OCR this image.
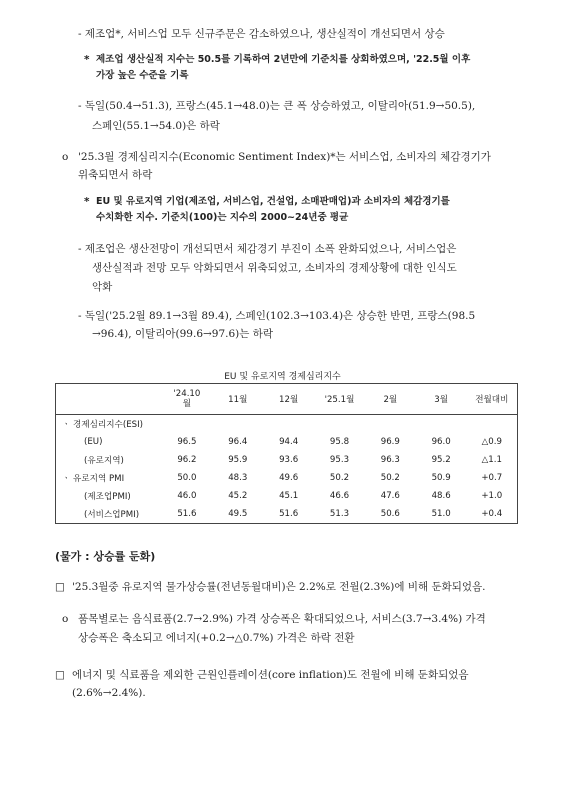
- 제조업*, 서비스업 모두 신규주문은 감소하였으나, 생산실적이 개선되면서 상승
* 제조업 생산실적 지수는 50.5를 기록하여 2년만에 기준치를 상회하였으며, '22.5월 이후
가장 높은 수준을 기록
- 독일(50.4→51.3), 프랑스(45.1→48.0)는 큰 폭 상승하였고, 이탈리아(51.9→50.5),
스페인(55.1→54.0)은 하락
o '25.3월 경제심리지수(Economic Sentiment Index)*는 서비스업, 소비자의 체감경기가
위축되면서 하락
* EU 및 유로지역 기업(제조업, 서비스업, 건설업, 소매판매업)과 소비자의 체감경기를
수치화한 지수. 기준치(100)는 지수의 2000~24년중 평균
- 제조업은 생산전망이 개선되면서 체감경기 부진이 소폭 완화되었으나, 서비스업은
생산실적과 전망 모두 악화되면서 위축되었고, 소비자의 경제상황에 대한 인식도
악화
- 독일('25.2월 89.1→3월 89.4), 스페인(102.3→103.4)은 상승한 반면, 프랑스(98.5
→96.4), 이탈리아(99.6→97.6)는 하락
EU 및 유로지역 경제심리지수
	'24.10월	11월	12월	'25.1월	2월	3월	전월대비
ㆍ 경제심리지수(ESI)							
(EU)	96.5	96.4	94.4	95.8	96.9	96.0	△0.9
(유로지역)	96.2	95.9	93.6	95.3	96.3	95.2	△1.1
ㆍ 유로지역 PMI	50.0	48.3	49.6	50.2	50.2	50.9	+0.7
(제조업PMI)	46.0	45.2	45.1	46.6	47.6	48.6	+1.0
(서비스업PMI)	51.6	49.5	51.6	51.3	50.6	51.0	+0.4
(물가 : 상승률 둔화)
□ '25.3월중 유로지역 물가상승률(전년동월대비)은 2.2%로 전월(2.3%)에 비해 둔화되었음.
o 품목별로는 음식료품(2.7→2.9%) 가격 상승폭은 확대되었으나, 서비스(3.7→3.4%) 가격
상승폭은 축소되고 에너지(+0.2→△0.7%) 가격은 하락 전환
□ 에너지 및 식료품을 제외한 근원인플레이션(core inflation)도 전월에 비해 둔화되었음
(2.6%→2.4%).
